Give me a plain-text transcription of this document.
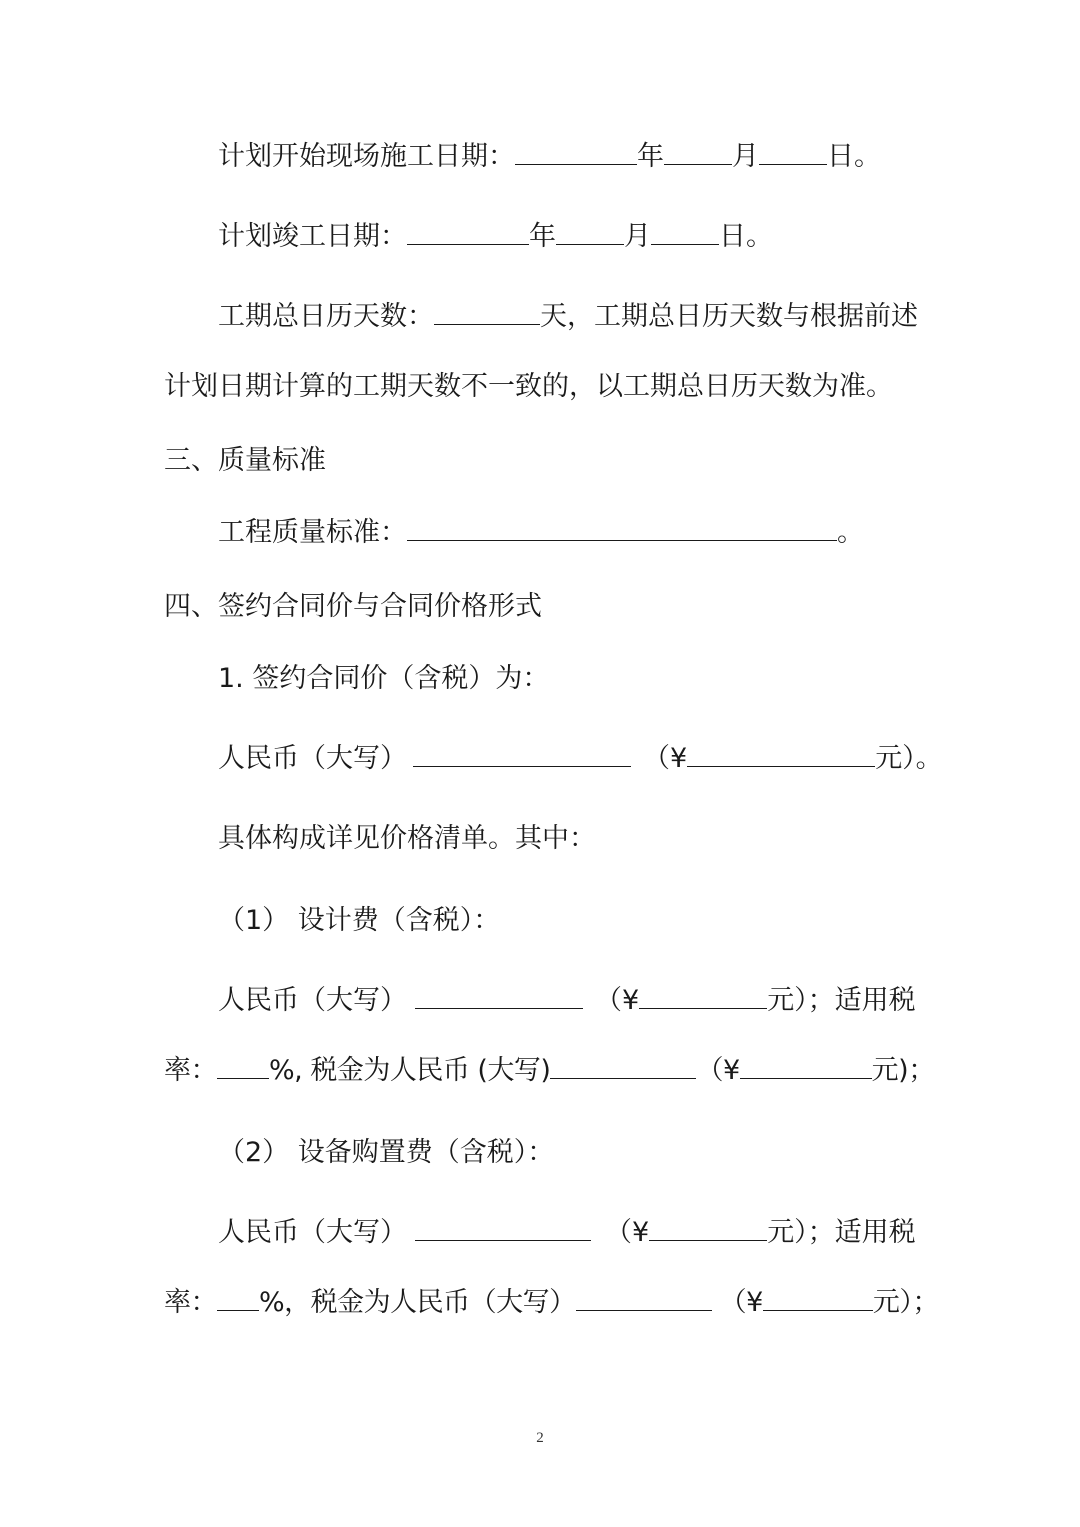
计划开始现场施工日期：	年	月	日。
计划竣工日期：	年	月	日。
工期总日历天数：	天，工期总日历天数与根据前述
计划日期计算的工期天数不一致的，以工期总日历天数为准。
三、质量标准
工程质量标准：	。
四、签约合同价与合同价格形式
1. 签约合同价（含税）为：
人民币（大写）	（¥	元）。
具体构成详见价格清单。其中：
（1） 设计费（含税）：
人民币（大写）	（¥	元）；适用税
率： %, 税金为人民币 (大写)	（¥	元)；
（2） 设备购置费（含税）：
人民币（大写）	（¥	元）；适用税
率： %，税金为人民币（大写）	（¥	元）；
2
